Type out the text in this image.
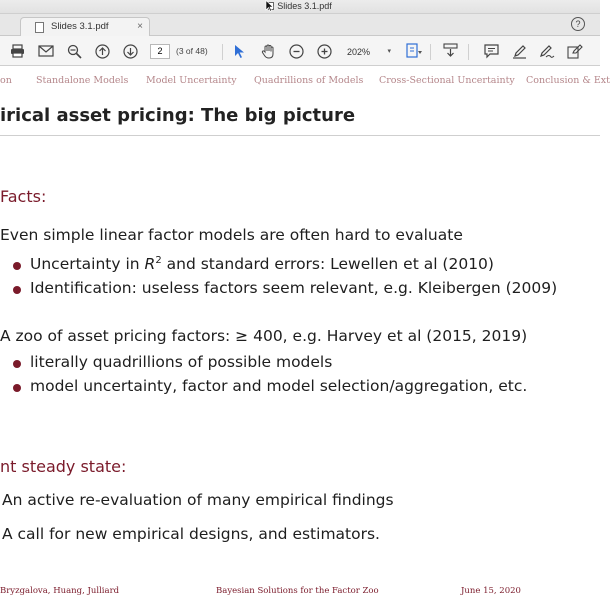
Slides 3.1.pdf
Slides 3.1.pdf	×	?
2	(3 of 48)	202% ▾
on	Standalone Models Model Uncertainty Quadrillions of Models Cross-Sectional Uncertainty Conclusion & Ext
irical asset pricing: The big picture
Facts:
Even simple linear factor models are often hard to evaluate
Uncertainty in $R^2$ and standard errors: Lewellen et al (2010)
Identification: useless factors seem relevant, e.g. Kleibergen (2009)
A zoo of asset pricing factors: ≥ 400, e.g. Harvey et al (2015, 2019)
literally quadrillions of possible models
model uncertainty, factor and model selection/aggregation, etc.
nt steady state:
An active re-evaluation of many empirical findings
A call for new empirical designs, and estimators.
Bryzgalova, Huang, Julliard	Bayesian Solutions for the Factor Zoo	June 15, 2020
